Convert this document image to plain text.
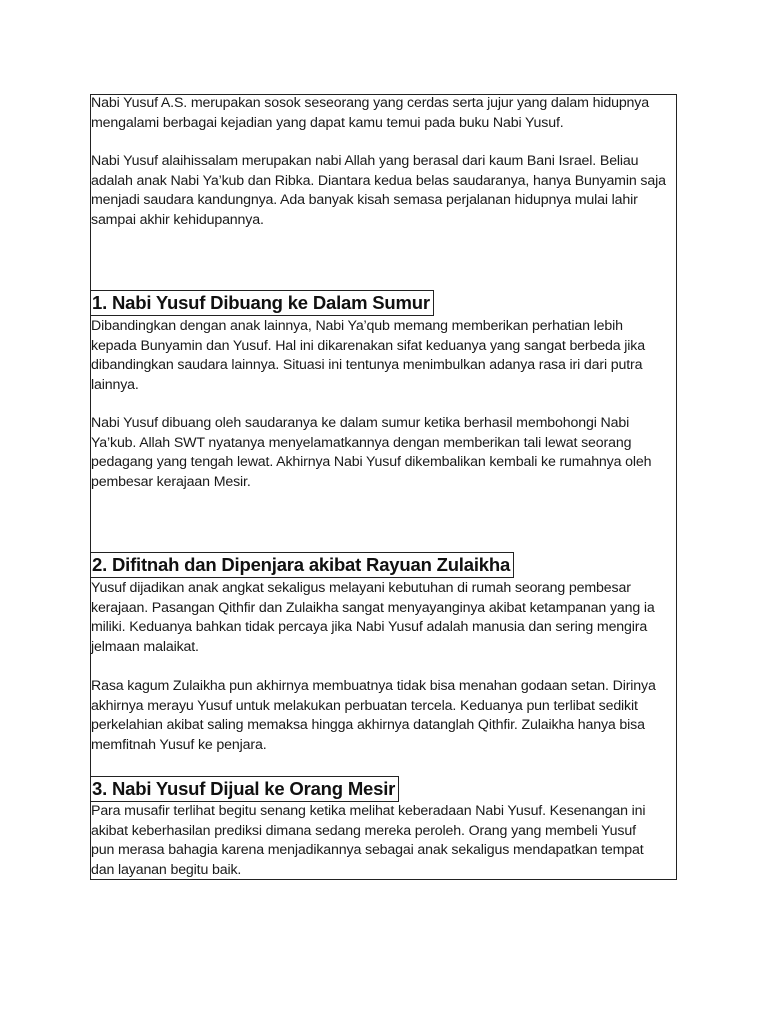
Nabi Yusuf A.S. merupakan sosok seseorang yang cerdas serta jujur yang dalam hidupnya
mengalami berbagai kejadian yang dapat kamu temui pada buku Nabi Yusuf.

Nabi Yusuf alaihissalam merupakan nabi Allah yang berasal dari kaum Bani Israel. Beliau
adalah anak Nabi Ya’kub dan Ribka. Diantara kedua belas saudaranya, hanya Bunyamin saja
menjadi saudara kandungnya. Ada banyak kisah semasa perjalanan hidupnya mulai lahir
sampai akhir kehidupannya.

1. Nabi Yusuf Dibuang ke Dalam Sumur

Dibandingkan dengan anak lainnya, Nabi Ya’qub memang memberikan perhatian lebih
kepada Bunyamin dan Yusuf. Hal ini dikarenakan sifat keduanya yang sangat berbeda jika
dibandingkan saudara lainnya. Situasi ini tentunya menimbulkan adanya rasa iri dari putra
lainnya.

Nabi Yusuf dibuang oleh saudaranya ke dalam sumur ketika berhasil membohongi Nabi
Ya’kub. Allah SWT nyatanya menyelamatkannya dengan memberikan tali lewat seorang
pedagang yang tengah lewat. Akhirnya Nabi Yusuf dikembalikan kembali ke rumahnya oleh
pembesar kerajaan Mesir.

2. Difitnah dan Dipenjara akibat Rayuan Zulaikha

Yusuf dijadikan anak angkat sekaligus melayani kebutuhan di rumah seorang pembesar
kerajaan. Pasangan Qithfir dan Zulaikha sangat menyayanginya akibat ketampanan yang ia
miliki. Keduanya bahkan tidak percaya jika Nabi Yusuf adalah manusia dan sering mengira
jelmaan malaikat.

Rasa kagum Zulaikha pun akhirnya membuatnya tidak bisa menahan godaan setan. Dirinya
akhirnya merayu Yusuf untuk melakukan perbuatan tercela. Keduanya pun terlibat sedikit
perkelahian akibat saling memaksa hingga akhirnya datanglah Qithfir. Zulaikha hanya bisa
memfitnah Yusuf ke penjara.

3. Nabi Yusuf Dijual ke Orang Mesir

Para musafir terlihat begitu senang ketika melihat keberadaan Nabi Yusuf. Kesenangan ini
akibat keberhasilan prediksi dimana sedang mereka peroleh. Orang yang membeli Yusuf
pun merasa bahagia karena menjadikannya sebagai anak sekaligus mendapatkan tempat
dan layanan begitu baik.
